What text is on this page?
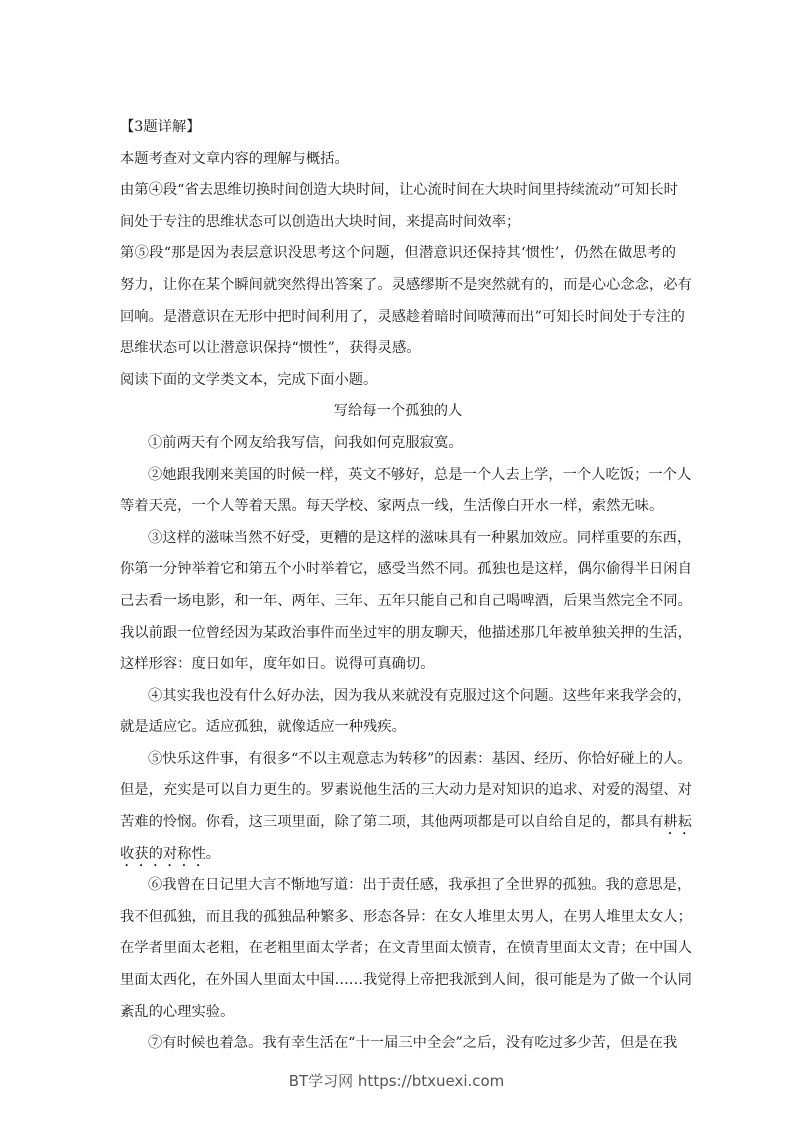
【3题详解】
本题考查对文章内容的理解与概括。
由第④段“省去思维切换时间创造大块时间，让心流时间在大块时间里持续流动”可知长时
间处于专注的思维状态可以创造出大块时间，来提高时间效率；
第⑤段“那是因为表层意识没思考这个问题，但潜意识还保持其‘惯性’，仍然在做思考的
努力，让你在某个瞬间就突然得出答案了。灵感缪斯不是突然就有的，而是心心念念，必有
回响。是潜意识在无形中把时间利用了，灵感趁着暗时间喷薄而出”可知长时间处于专注的
思维状态可以让潜意识保持“惯性”，获得灵感。
阅读下面的文学类文本，完成下面小题。
写给每一个孤独的人
①前两天有个网友给我写信，问我如何克服寂寞。
②她跟我刚来美国的时候一样，英文不够好，总是一个人去上学，一个人吃饭；一个人
等着天亮，一个人等着天黑。每天学校、家两点一线，生活像白开水一样，索然无味。
③这样的滋味当然不好受，更糟的是这样的滋味具有一种累加效应。同样重要的东西，
你第一分钟举着它和第五个小时举着它，感受当然不同。孤独也是这样，偶尔偷得半日闲自
己去看一场电影，和一年、两年、三年、五年只能自己和自己喝啤酒，后果当然完全不同。
我以前跟一位曾经因为某政治事件而坐过牢的朋友聊天，他描述那几年被单独关押的生活，
这样形容：度日如年，度年如日。说得可真确切。
④其实我也没有什么好办法，因为我从来就没有克服过这个问题。这些年来我学会的，
就是适应它。适应孤独，就像适应一种残疾。
⑤快乐这件事，有很多“不以主观意志为转移”的因素：基因、经历、你恰好碰上的人。
但是，充实是可以自力更生的。罗素说他生活的三大动力是对知识的追求、对爱的渴望、对
苦难的怜悯。你看，这三项里面，除了第二项，其他两项都是可以自给自足的，都具有耕耘
收获的对称性。
⑥我曾在日记里大言不惭地写道：出于责任感，我承担了全世界的孤独。我的意思是，
我不但孤独，而且我的孤独品种繁多、形态各异：在女人堆里太男人，在男人堆里太女人；
在学者里面太老粗，在老粗里面太学者；在文青里面太愤青，在愤青里面太文青；在中国人
里面太西化，在外国人里面太中国……我觉得上帝把我派到人间，很可能是为了做一个认同
紊乱的心理实验。
⑦有时候也着急。我有幸生活在“十一届三中全会”之后，没有吃过多少苦，但是在我
BT学习网 https://btxuexi.com
